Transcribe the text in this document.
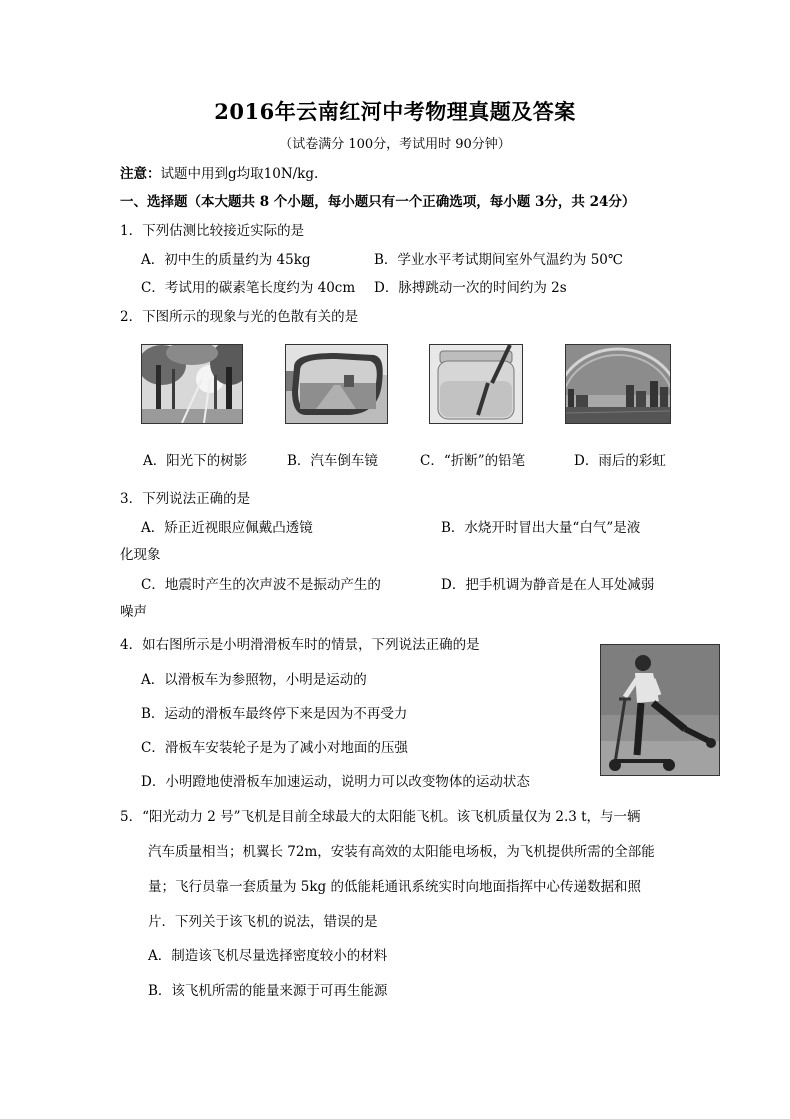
2016年云南红河中考物理真题及答案
（试卷满分 100分，考试用时 90分钟）
注意：试题中用到g均取10N/kg.
一、选择题（本大题共 8 个小题，每小题只有一个正确选项，每小题 3分，共 24分）
1．下列估测比较接近实际的是
A．初中生的质量约为 45kg	B．学业水平考试期间室外气温约为 50℃
C．考试用的碳素笔长度约为 40cm D．脉搏跳动一次的时间约为 2s
2．下图所示的现象与光的色散有关的是
A．阳光下的树影	B．汽车倒车镜	C．“折断”的铅笔	D．雨后的彩虹
3．下列说法正确的是
A．矫正近视眼应佩戴凸透镜	B．水烧开时冒出大量“白气”是液
化现象
C．地震时产生的次声波不是振动产生的	D．把手机调为静音是在人耳处减弱
噪声
4．如右图所示是小明滑滑板车时的情景，下列说法正确的是
A．以滑板车为参照物，小明是运动的
B．运动的滑板车最终停下来是因为不再受力
C．滑板车安装轮子是为了减小对地面的压强
D．小明蹬地使滑板车加速运动，说明力可以改变物体的运动状态
5．“阳光动力 2 号”飞机是目前全球最大的太阳能飞机。该飞机质量仅为 2.3 t，与一辆
汽车质量相当；机翼长 72m，安装有高效的太阳能电场板，为飞机提供所需的全部能
量；飞行员靠一套质量为 5kg 的低能耗通讯系统实时向地面指挥中心传递数据和照
片．下列关于该飞机的说法，错误的是
A．制造该飞机尽量选择密度较小的材料
B．该飞机所需的能量来源于可再生能源
